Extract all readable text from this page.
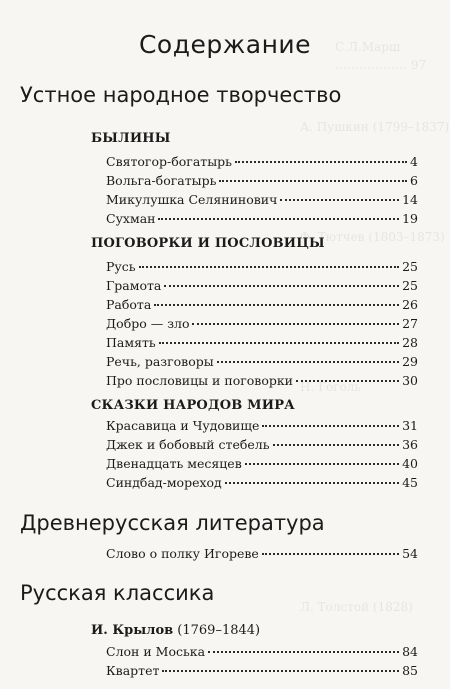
С.Л.Марш
……………… 97
А. Пушкин (1799–1837)
Ф. Тютчев (1803–1873)
Н. Гоголь
Л. Толстой (1828)
Содержание
Устное народное творчество
БЫЛИНЫ
Святогор-богатырь	4
Вольга-богатырь	6
Микулушка Селянинович	14
Сухман	19
ПОГОВОРКИ И ПОСЛОВИЦЫ
Русь	25
Грамота	25
Работа	26
Добро — зло	27
Память	28
Речь, разговоры	29
Про пословицы и поговорки	30
СКАЗКИ НАРОДОВ МИРА
Красавица и Чудовище	31
Джек и бобовый стебель	36
Двенадцать месяцев	40
Синдбад-мореход	45
Древнерусская литература
Слово о полку Игореве	54
Русская классика
И. Крылов (1769–1844)
Слон и Моська	84
Квартет	85
